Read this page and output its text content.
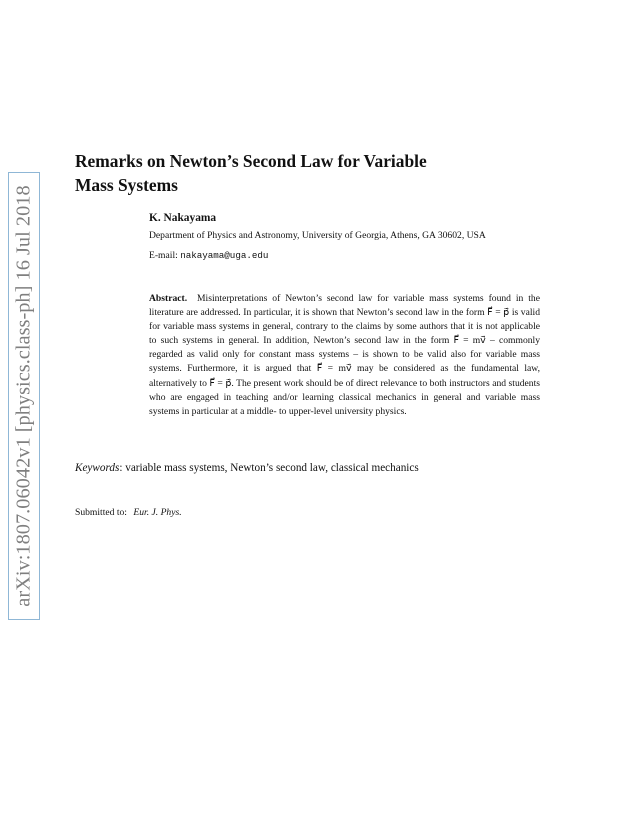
arXiv:1807.06042v1 [physics.class-ph] 16 Jul 2018
Remarks on Newton’s Second Law for Variable
Mass Systems
K. Nakayama
Department of Physics and Astronomy, University of Georgia, Athens, GA 30602, USA
E-mail: nakayama@uga.edu
Abstract. Misinterpretations of Newton’s second law for variable mass systems found in the literature are addressed. In particular, it is shown that Newton’s second law in the form F⃗ = p⃗̇ is valid for variable mass systems in general, contrary to the claims by some authors that it is not applicable to such systems in general. In addition, Newton’s second law in the form F⃗ = mv⃗̇ – commonly regarded as valid only for constant mass systems – is shown to be valid also for variable mass systems. Furthermore, it is argued that F⃗ = mv⃗̇ may be considered as the fundamental law, alternatively to F⃗ = p⃗̇. The present work should be of direct relevance to both instructors and students who are engaged in teaching and/or learning classical mechanics in general and variable mass systems in particular at a middle- to upper-level university physics.
Keywords: variable mass systems, Newton’s second law, classical mechanics
Submitted to: Eur. J. Phys.
